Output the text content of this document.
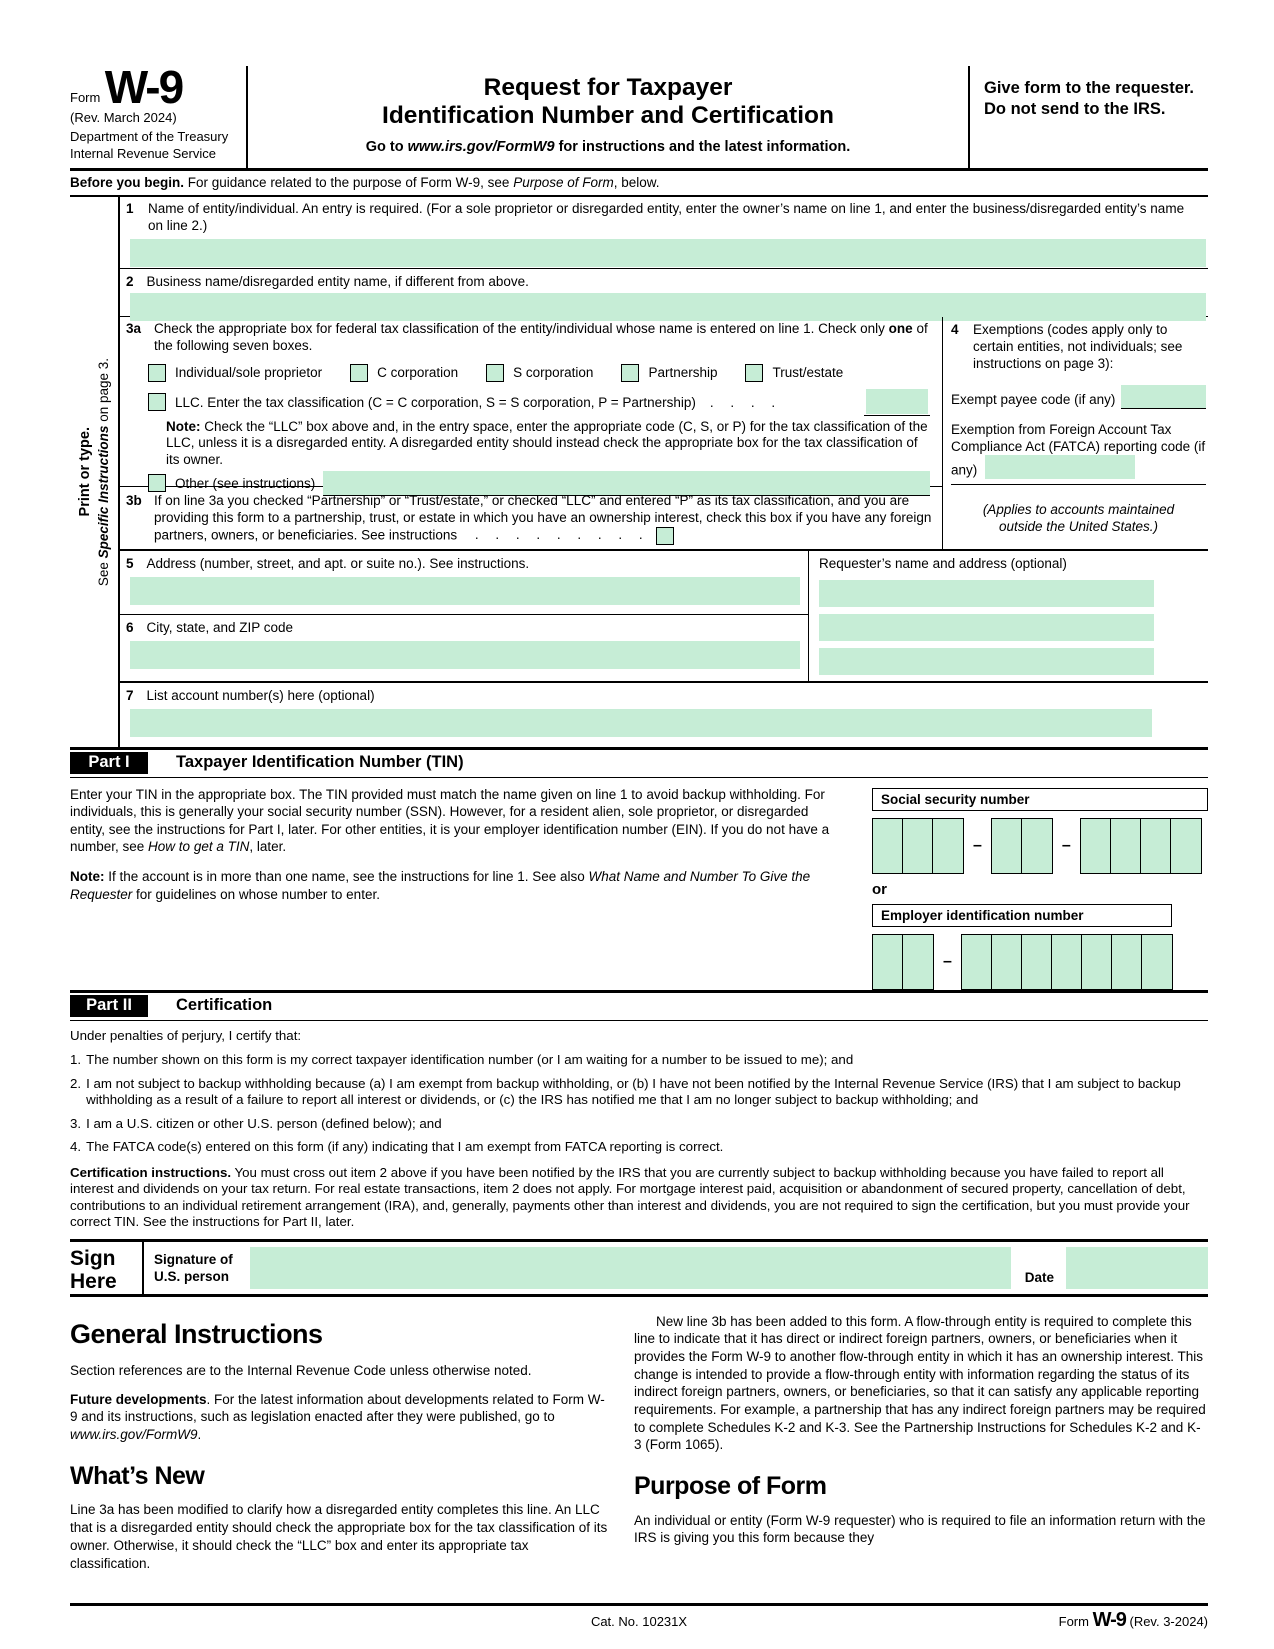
Form W-9
(Rev. March 2024)
Department of the Treasury
Internal Revenue Service
Request for Taxpayer
Identification Number and Certification
Go to www.irs.gov/FormW9 for instructions and the latest information.
Give form to the requester. Do not send to the IRS.
Before you begin. For guidance related to the purpose of Form W-9, see Purpose of Form, below.
Print or type.
See Specific Instructions on page 3.
1	Name of entity/individual. An entry is required. (For a sole proprietor or disregarded entity, enter the owner’s name on line 1, and enter the business/disregarded entity’s name on line 2.)
2 Business name/disregarded entity name, if different from above.
3a Check the appropriate box for federal tax classification of the entity/individual whose name is entered on line 1. Check only one of the following seven boxes.
Individual/sole proprietor	C corporation	S corporation	Partnership	Trust/estate
LLC. Enter the tax classification (C = C corporation, S = S corporation, P = Partnership) . . . .
Note: Check the “LLC” box above and, in the entry space, enter the appropriate code (C, S, or P) for the tax classification of the LLC, unless it is a disregarded entity. A disregarded entity should instead check the appropriate box for the tax classification of its owner.
Other (see instructions)
3b If on line 3a you checked “Partnership” or “Trust/estate,” or checked “LLC” and entered “P” as its tax classification, and you are providing this form to a partnership, trust, or estate in which you have an ownership interest, check this box if you have any foreign partners, owners, or beneficiaries. See instructions . . . . . . . . .
4	Exemptions (codes apply only to certain entities, not individuals; see instructions on page 3):
Exempt payee code (if any)
Exemption from Foreign Account Tax Compliance Act (FATCA) reporting code (if any)
(Applies to accounts maintained outside the United States.)
5 Address (number, street, and apt. or suite no.). See instructions.
6 City, state, and ZIP code
Requester’s name and address (optional)
7 List account number(s) here (optional)
Part I	Taxpayer Identification Number (TIN)

Enter your TIN in the appropriate box. The TIN provided must match the name given on line 1 to avoid backup withholding. For individuals, this is generally your social security number (SSN). However, for a resident alien, sole proprietor, or disregarded entity, see the instructions for Part I, later. For other entities, it is your employer identification number (EIN). If you do not have a number, see How to get a TIN, later.

Note: If the account is in more than one name, see the instructions for line 1. See also What Name and Number To Give the Requester for guidelines on whose number to enter.

Social security number
–	–
or
Employer identification number
–
Part II	Certification
Under penalties of perjury, I certify that:
1. The number shown on this form is my correct taxpayer identification number (or I am waiting for a number to be issued to me); and
2. I am not subject to backup withholding because (a) I am exempt from backup withholding, or (b) I have not been notified by the Internal Revenue Service (IRS) that I am subject to backup withholding as a result of a failure to report all interest or dividends, or (c) the IRS has notified me that I am no longer subject to backup withholding; and
3. I am a U.S. citizen or other U.S. person (defined below); and
4. The FATCA code(s) entered on this form (if any) indicating that I am exempt from FATCA reporting is correct.
Certification instructions. You must cross out item 2 above if you have been notified by the IRS that you are currently subject to backup withholding because you have failed to report all interest and dividends on your tax return. For real estate transactions, item 2 does not apply. For mortgage interest paid, acquisition or abandonment of secured property, cancellation of debt, contributions to an individual retirement arrangement (IRA), and, generally, payments other than interest and dividends, you are not required to sign the certification, but you must provide your correct TIN. See the instructions for Part II, later.
Sign
Here
Signature of
U.S. person	Date
General Instructions

Section references are to the Internal Revenue Code unless otherwise noted.

Future developments. For the latest information about developments related to Form W-9 and its instructions, such as legislation enacted after they were published, go to www.irs.gov/FormW9.

What’s New

Line 3a has been modified to clarify how a disregarded entity completes this line. An LLC that is a disregarded entity should check the appropriate box for the tax classification of its owner. Otherwise, it should check the “LLC” box and enter its appropriate tax classification.

New line 3b has been added to this form. A flow-through entity is required to complete this line to indicate that it has direct or indirect foreign partners, owners, or beneficiaries when it provides the Form W-9 to another flow-through entity in which it has an ownership interest. This change is intended to provide a flow-through entity with information regarding the status of its indirect foreign partners, owners, or beneficiaries, so that it can satisfy any applicable reporting requirements. For example, a partnership that has any indirect foreign partners may be required to complete Schedules K-2 and K-3. See the Partnership Instructions for Schedules K-2 and K-3 (Form 1065).

Purpose of Form

An individual or entity (Form W-9 requester) who is required to file an information return with the IRS is giving you this form because they

Cat. No. 10231X	Form W-9 (Rev. 3-2024)
